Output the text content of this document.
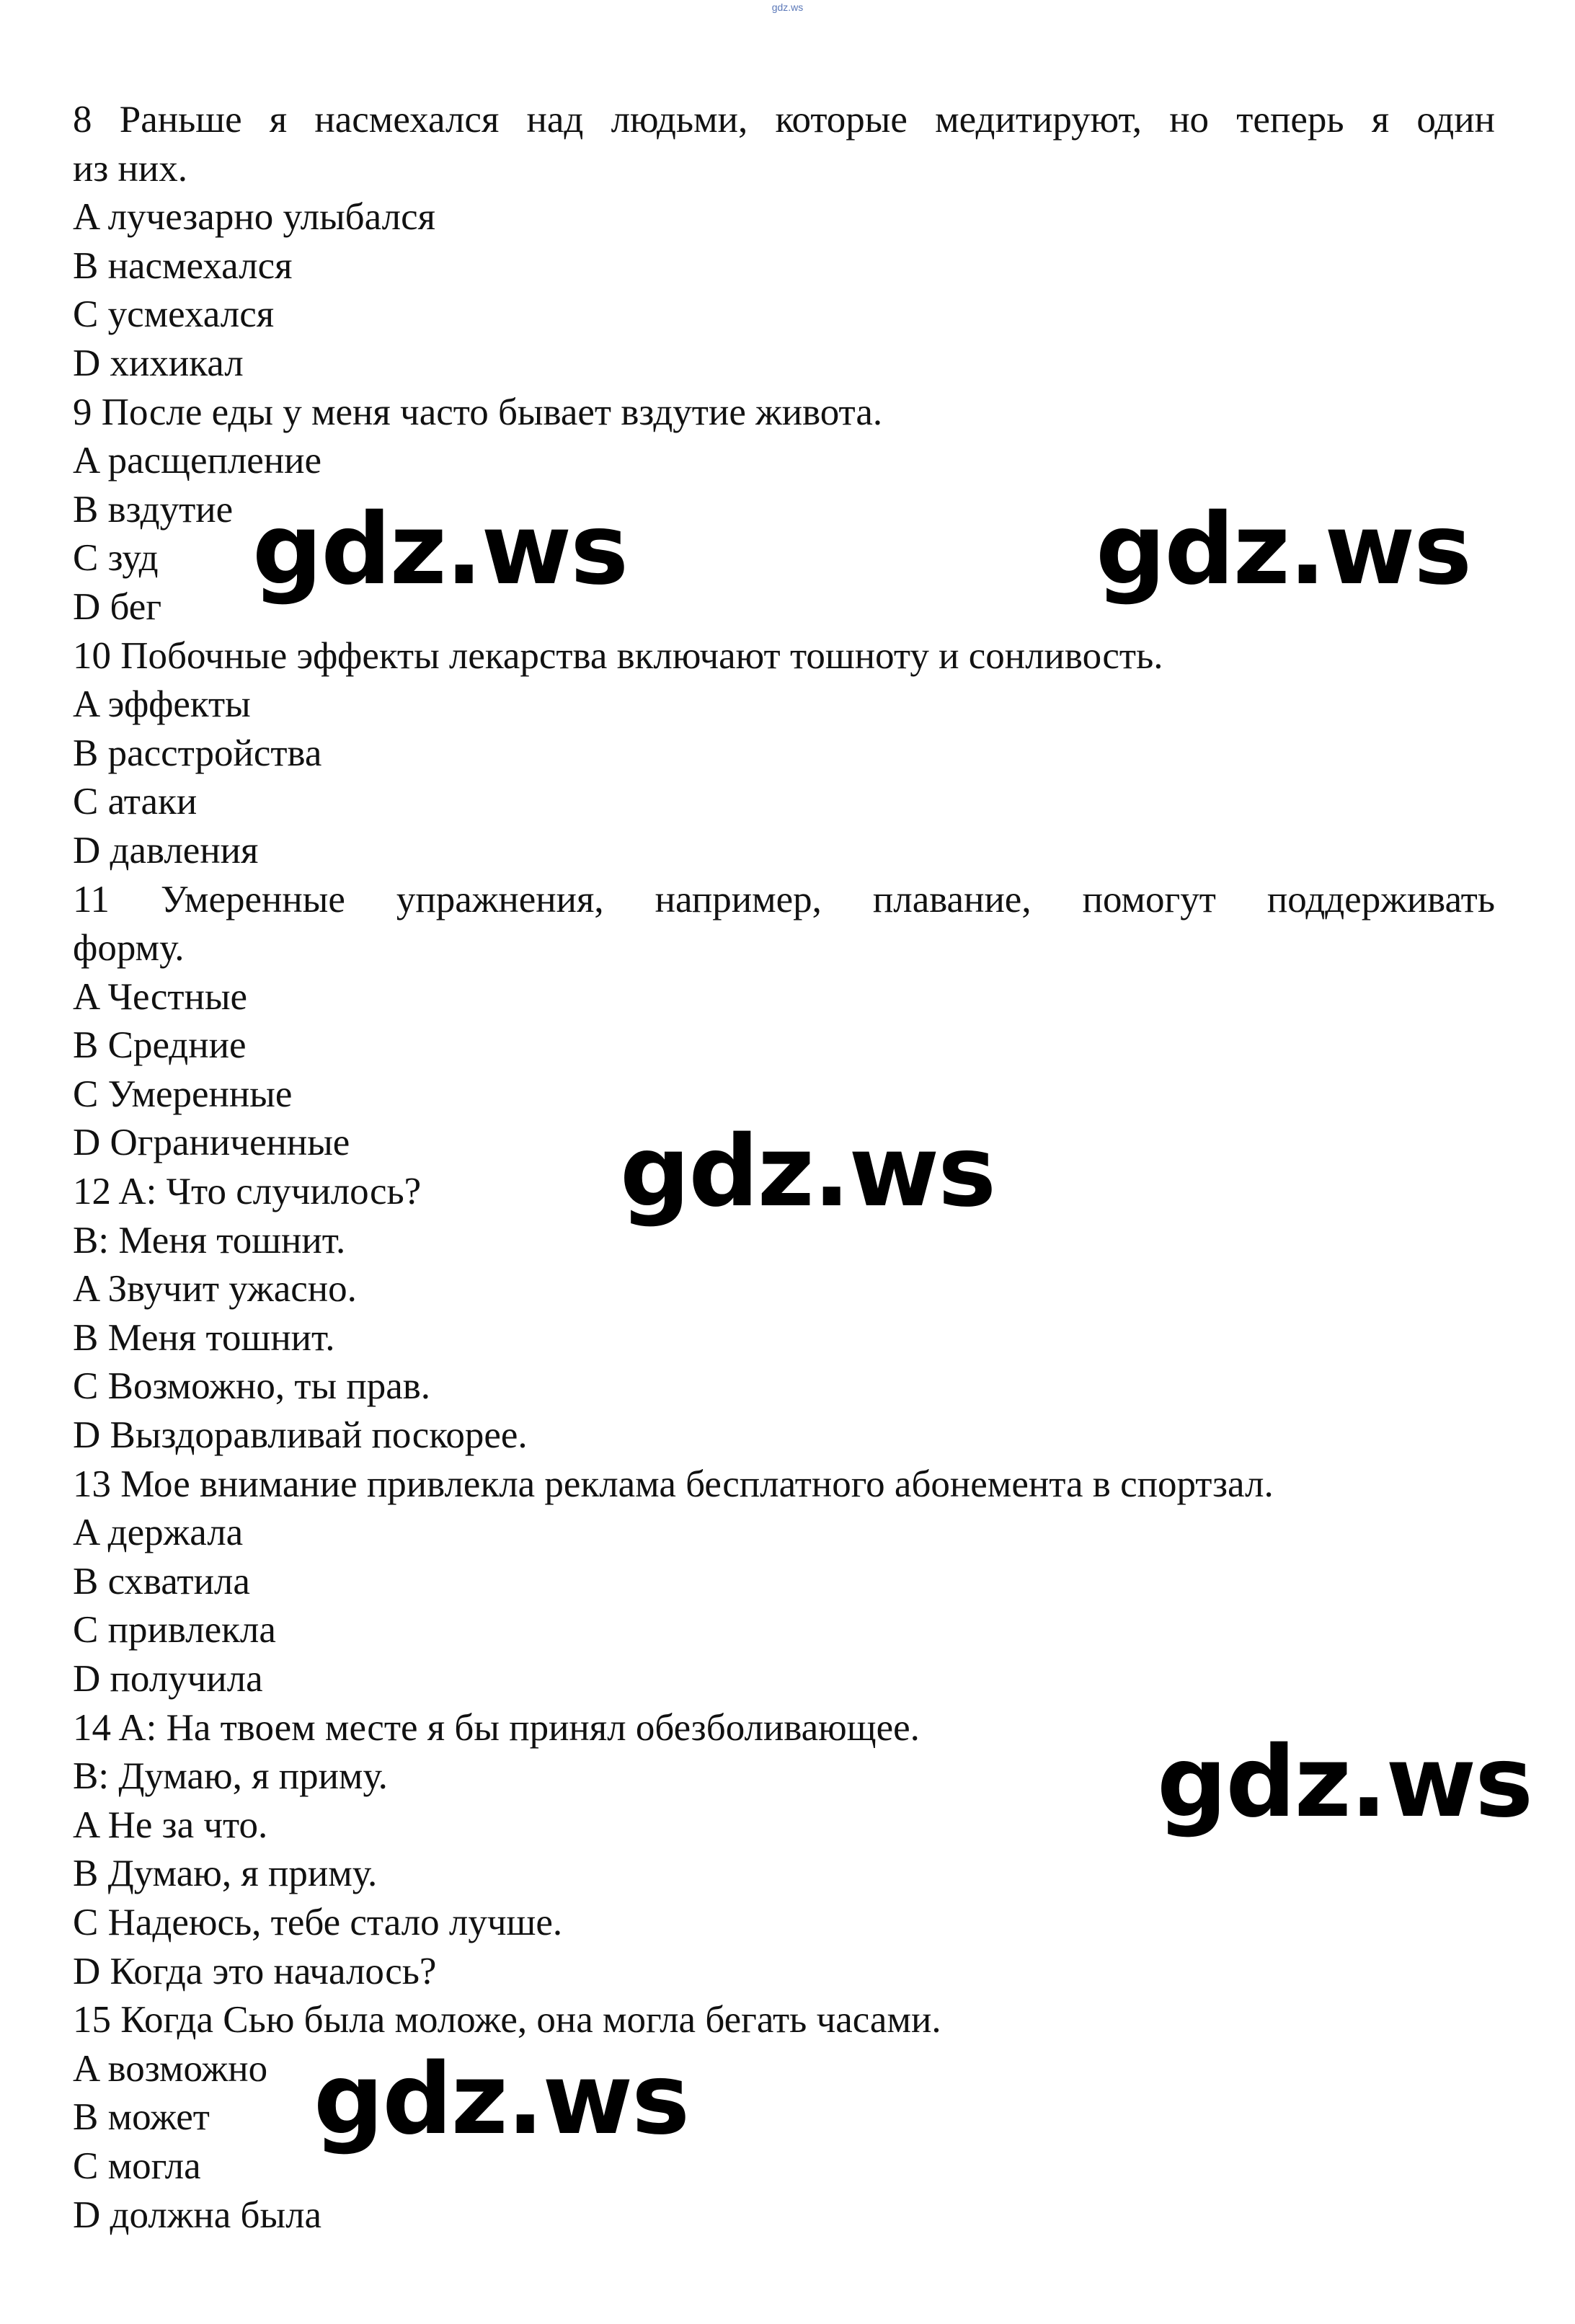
gdz.ws
8 Раньше я насмехался над людьми, которые медитируют, но теперь я один
из них.
A лучезарно улыбался
B насмехался
C усмехался
D хихикал
9 После еды у меня часто бывает вздутие живота.
A расщепление
B вздутие
C зуд
D бег
10 Побочные эффекты лекарства включают тошноту и сонливость.
A эффекты
B расстройства
C атаки
D давления
11 Умеренные упражнения, например, плавание, помогут поддерживать
форму.
A Честные
B Средние
C Умеренные
D Ограниченные
12 A: Что случилось?
B: Меня тошнит.
A Звучит ужасно.
B Меня тошнит.
C Возможно, ты прав.
D Выздоравливай поскорее.
13 Мое внимание привлекла реклама бесплатного абонемента в спортзал.
A держала
B схватила
C привлекла
D получила
14 A: На твоем месте я бы принял обезболивающее.
B: Думаю, я приму.
A Не за что.
B Думаю, я приму.
C Надеюсь, тебе стало лучше.
D Когда это началось?
15 Когда Сью была моложе, она могла бегать часами.
A возможно
B может
C могла
D должна была
gdz.ws	gdz.ws
gdz.ws
gdz.ws
gdz.ws
